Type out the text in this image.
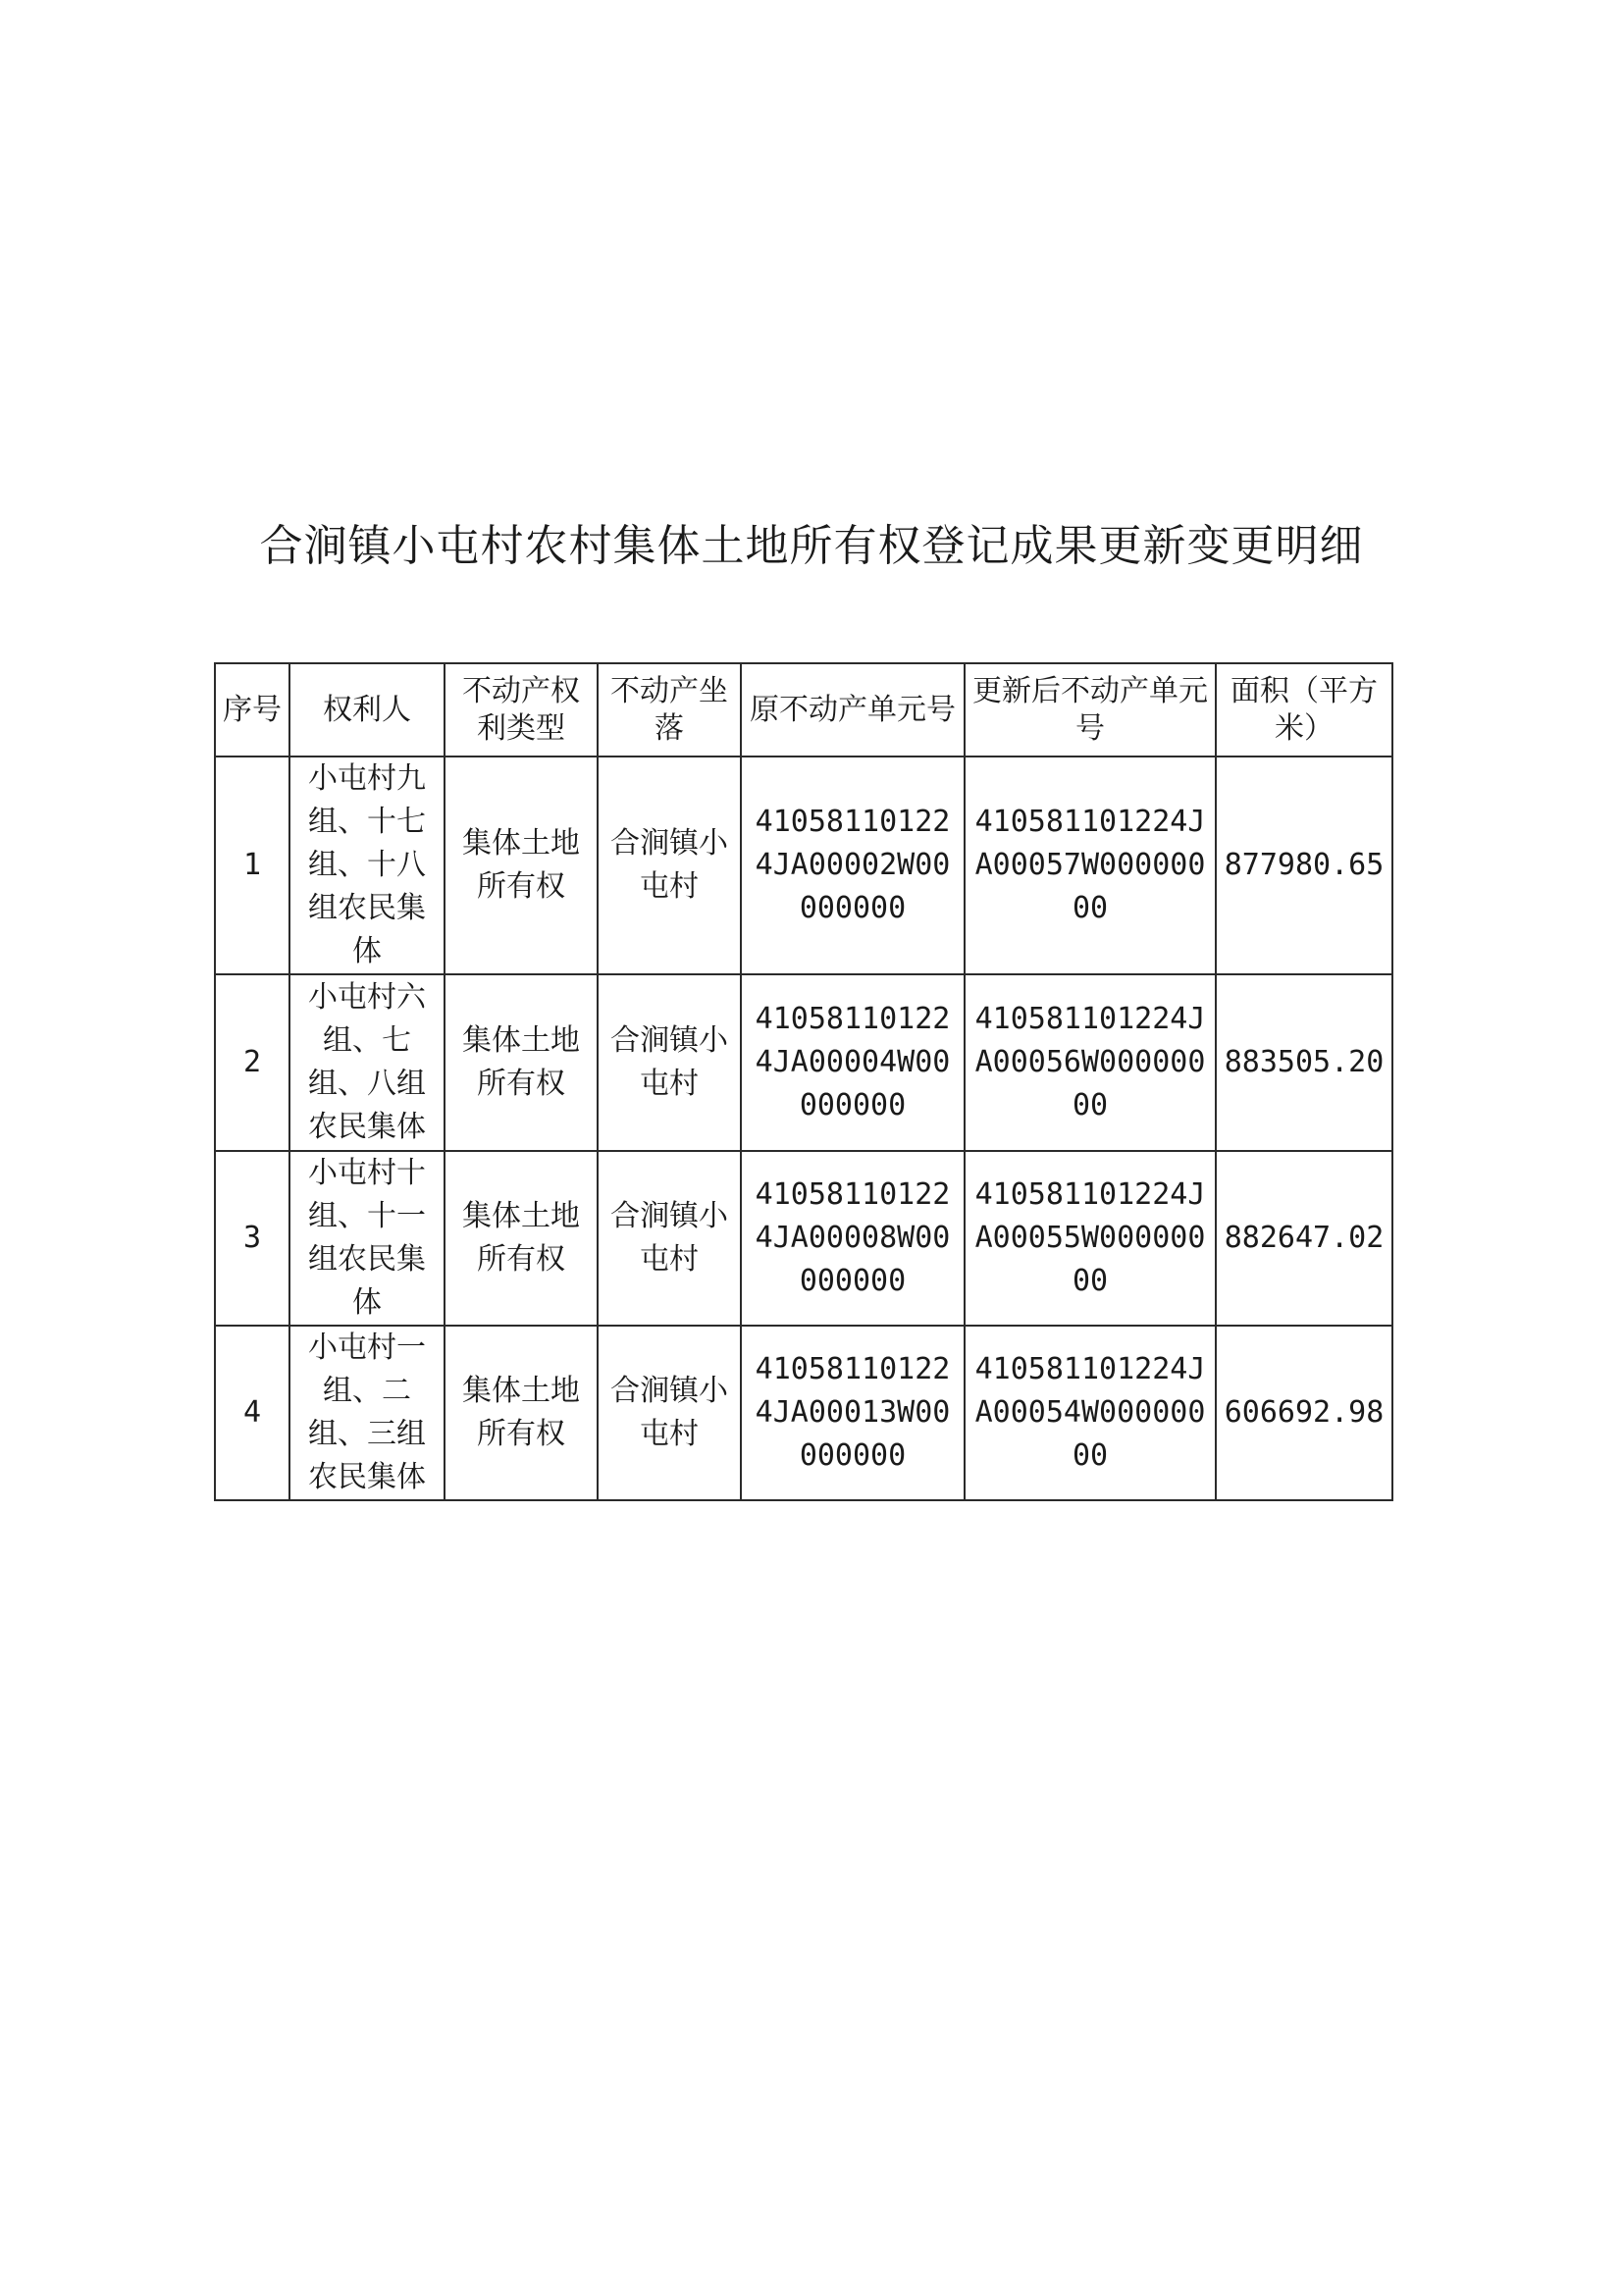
合涧镇小屯村农村集体土地所有权登记成果更新变更明细
序号	权利人	不动产权利类型	不动产坐落	原不动产单元号	更新后不动产单元号	面积（平方米）
1	小屯村九组、十七组、十八组农民集体	集体土地所有权	合涧镇小屯村	410581101224JA00002W00000000	410581101224JA00057W00000000	877980.65
2	小屯村六组、七组、八组农民集体	集体土地所有权	合涧镇小屯村	410581101224JA00004W00000000	410581101224JA00056W00000000	883505.20
3	小屯村十组、十一组农民集体	集体土地所有权	合涧镇小屯村	410581101224JA00008W00000000	410581101224JA00055W00000000	882647.02
4	小屯村一组、二组、三组农民集体	集体土地所有权	合涧镇小屯村	410581101224JA00013W00000000	410581101224JA00054W00000000	606692.98
